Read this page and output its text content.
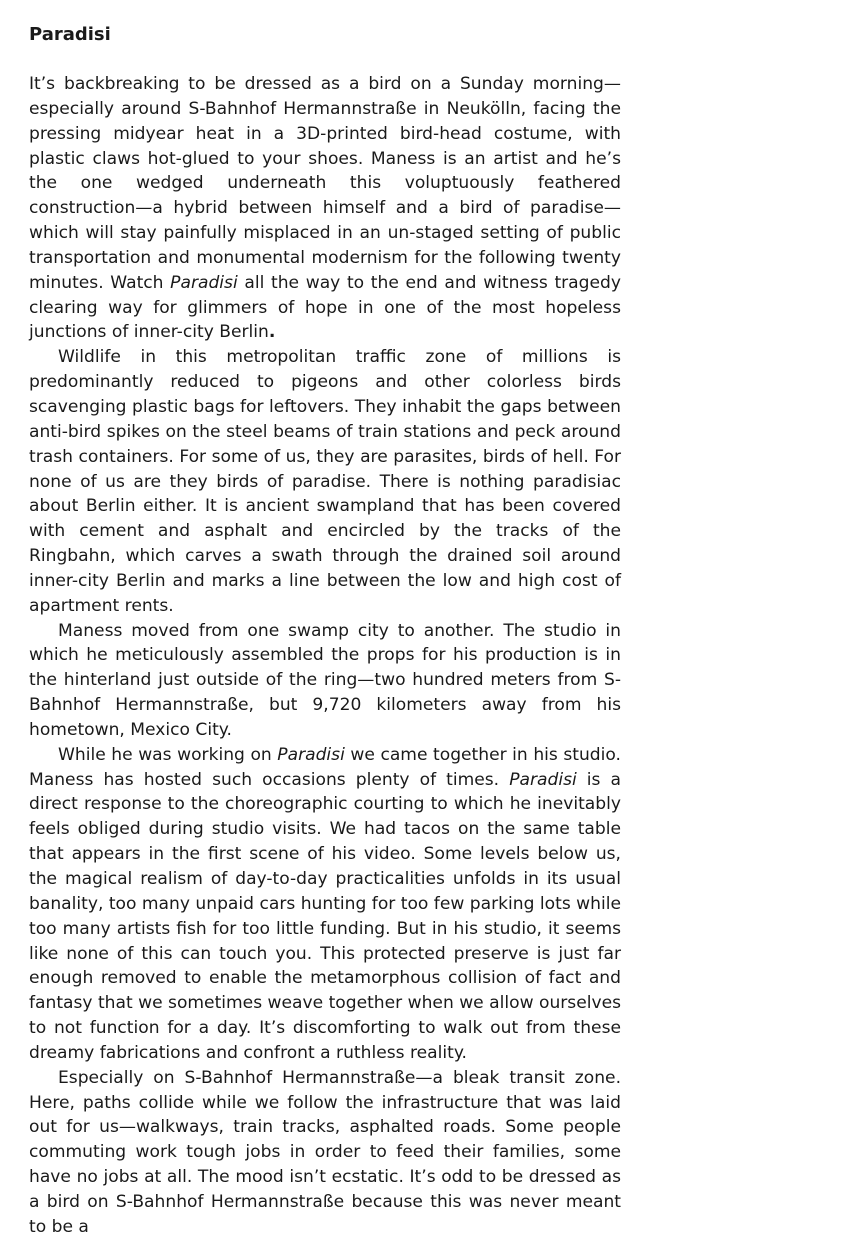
Paradisi

It’s backbreaking to be dressed as a bird on a Sunday morning—especially around S-Bahnhof Hermannstraße in Neukölln, facing the pressing midyear heat in a 3D-printed bird-head costume, with plastic claws hot-glued to your shoes. Maness is an artist and he’s the one wedged underneath this voluptuously feathered construction—a hybrid between himself and a bird of paradise—which will stay painfully misplaced in an un-staged setting of public transportation and monumental modernism for the following twenty minutes. Watch Paradisi all the way to the end and witness tragedy clearing way for glimmers of hope in one of the most hopeless junctions of inner-city Berlin.

Wildlife in this metropolitan traffic zone of millions is predominantly reduced to pigeons and other colorless birds scavenging plastic bags for leftovers. They inhabit the gaps between anti-bird spikes on the steel beams of train stations and peck around trash containers. For some of us, they are parasites, birds of hell. For none of us are they birds of paradise. There is nothing paradisiac about Berlin either. It is ancient swampland that has been covered with cement and asphalt and encircled by the tracks of the Ringbahn, which carves a swath through the drained soil around inner-city Berlin and marks a line between the low and high cost of apartment rents.

Maness moved from one swamp city to another. The studio in which he meticulously assembled the props for his production is in the hinterland just outside of the ring—two hundred meters from S-Bahnhof Hermannstraße, but 9,720 kilometers away from his hometown, Mexico City.

While he was working on Paradisi we came together in his studio. Maness has hosted such occasions plenty of times. Paradisi is a direct response to the choreographic courting to which he inevitably feels obliged during studio visits. We had tacos on the same table that appears in the first scene of his video. Some levels below us, the magical realism of day-to-day practicalities unfolds in its usual banality, too many unpaid cars hunting for too few parking lots while too many artists fish for too little funding. But in his studio, it seems like none of this can touch you. This protected preserve is just far enough removed to enable the metamorphous collision of fact and fantasy that we sometimes weave together when we allow ourselves to not function for a day. It’s discomforting to walk out from these dreamy fabrications and confront a ruthless reality.

Especially on S-Bahnhof Hermannstraße—a bleak transit zone. Here, paths collide while we follow the infrastructure that was laid out for us—walkways, train tracks, asphalted roads. Some people commuting work tough jobs in order to feed their families, some have no jobs at all. The mood isn’t ecstatic. It’s odd to be dressed as a bird on S-Bahnhof Hermannstraße because this was never meant to be a
